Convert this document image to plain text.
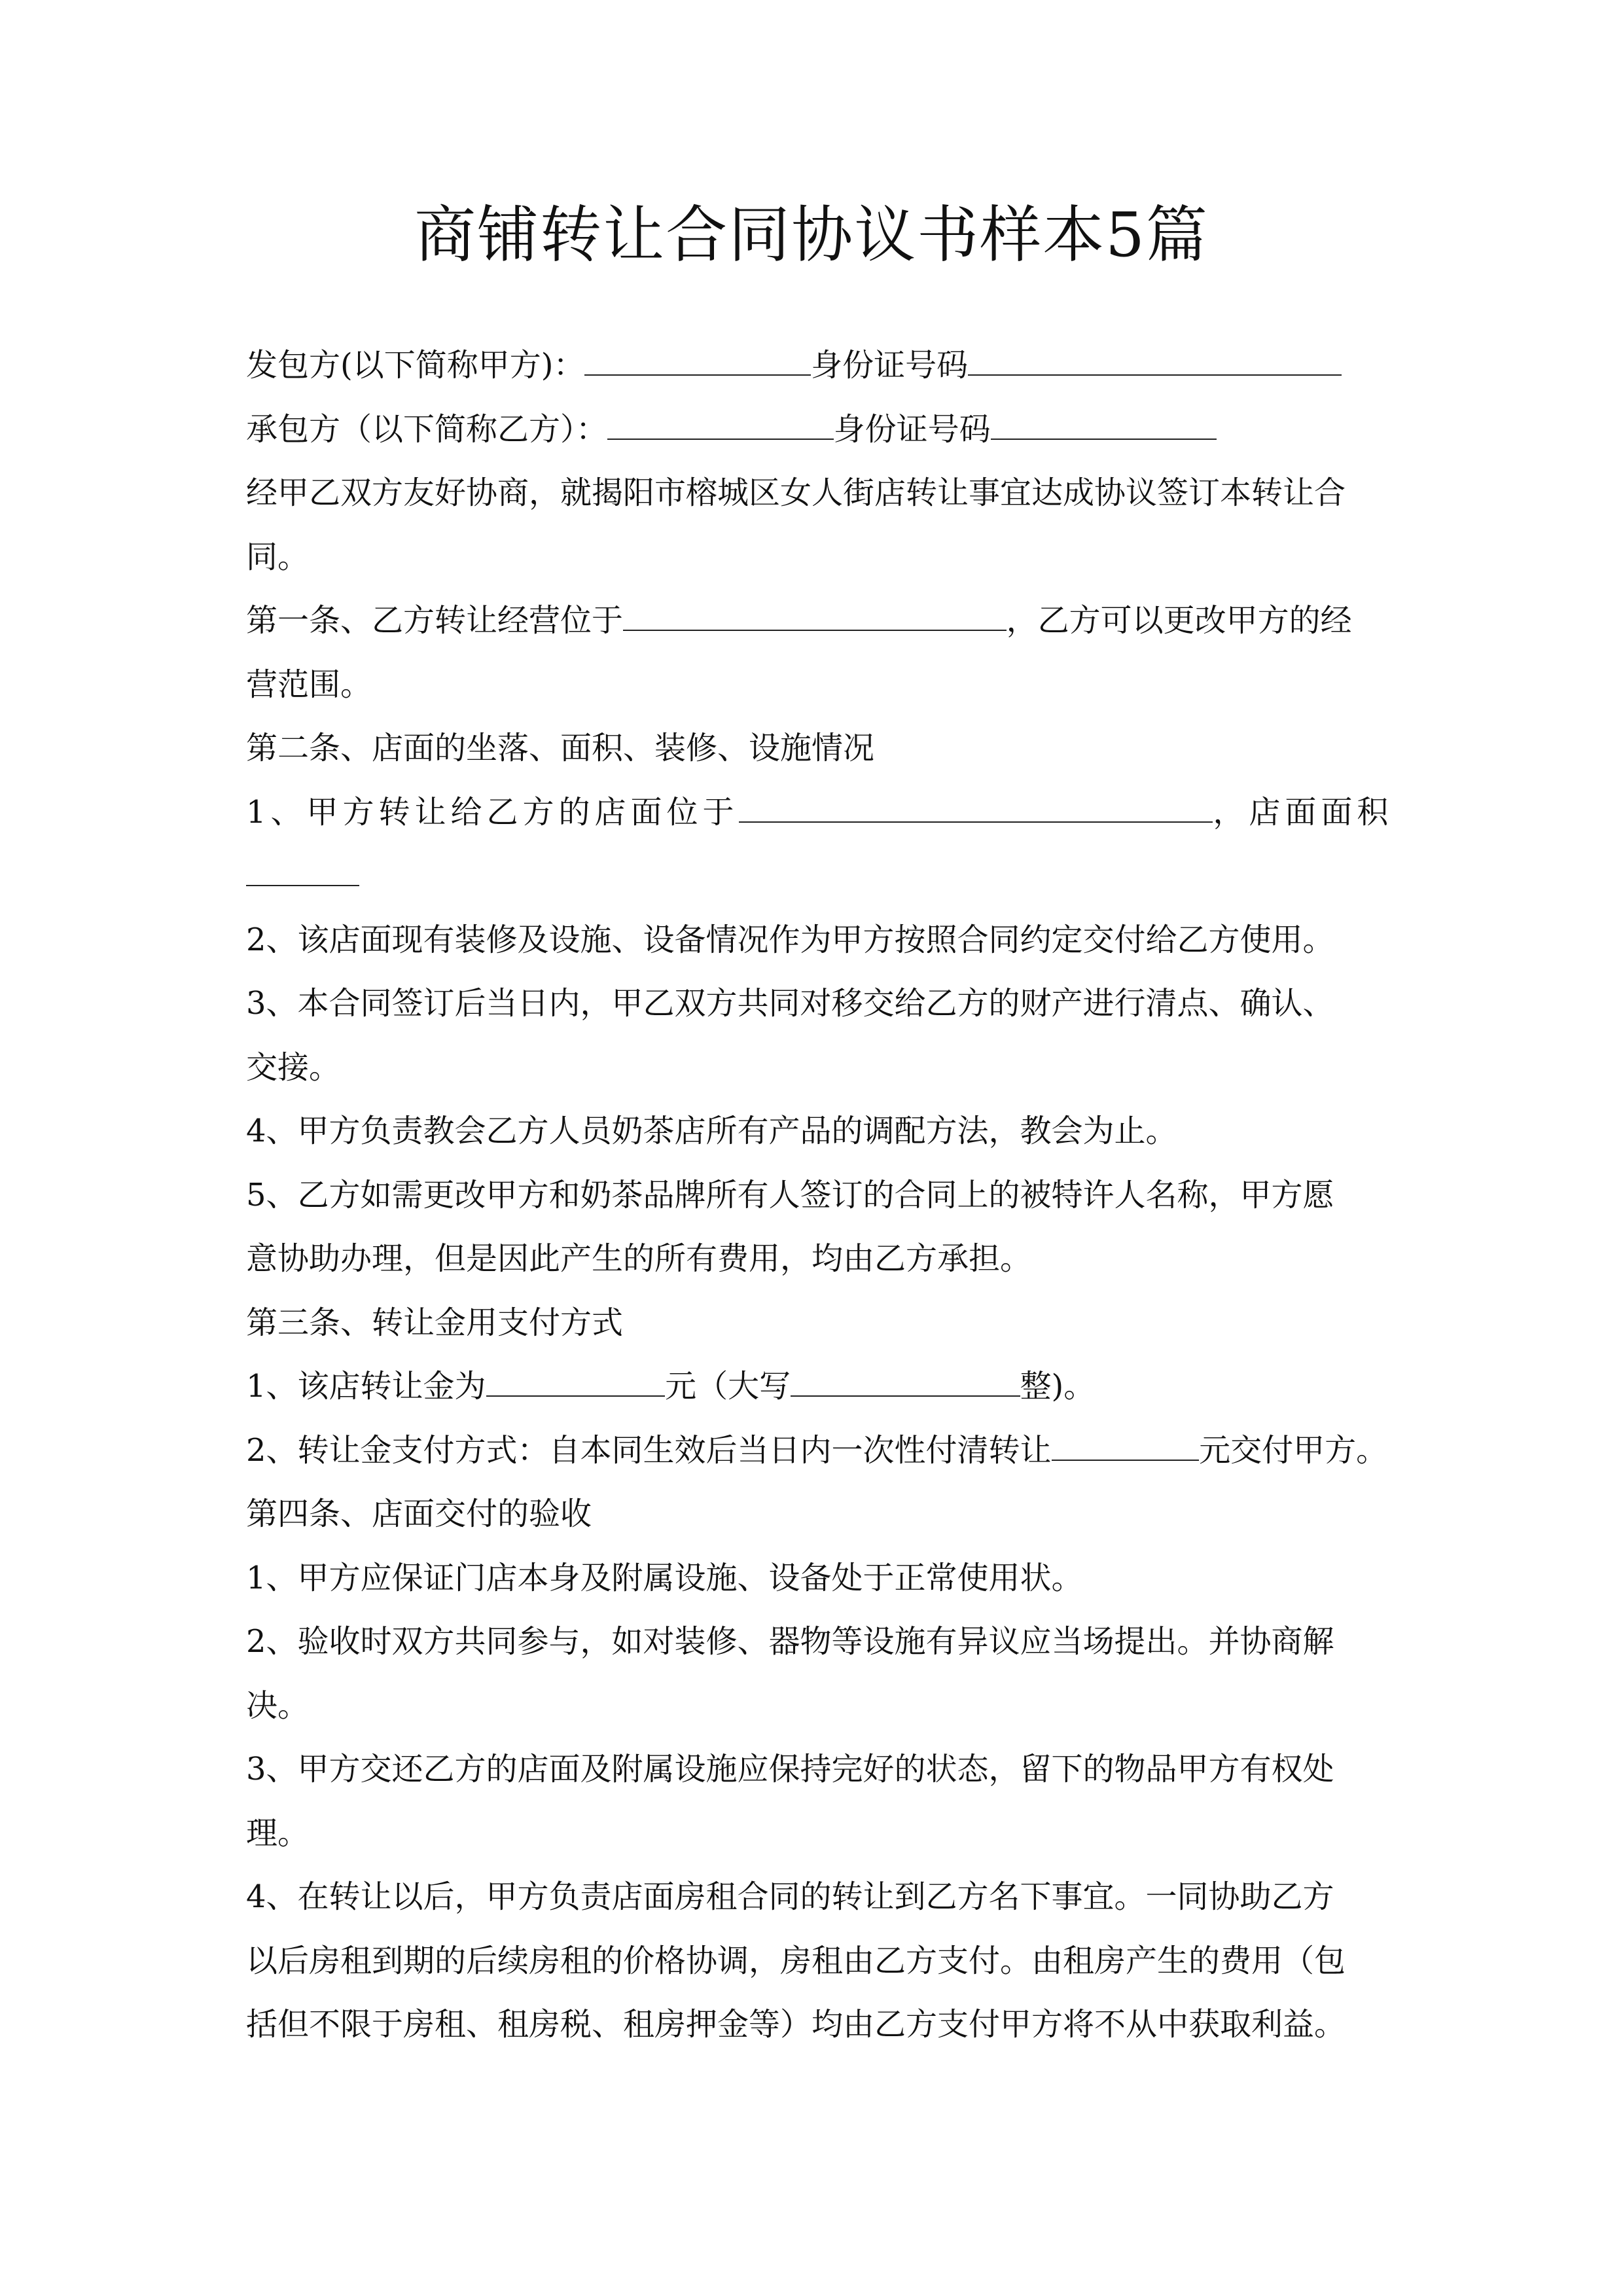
商铺转让合同协议书样本5篇
发包方(以下简称甲方)：	身份证号码
承包方（以下简称乙方）：	身份证号码
经甲乙双方友好协商，就揭阳市榕城区女人街店转让事宜达成协议签订本转让合
同。
第一条、乙方转让经营位于	，乙方可以更改甲方的经
营范围。
第二条、店面的坐落、面积、装修、设施情况
1、甲方转让给乙方的店面位于	，店面面积
2、该店面现有装修及设施、设备情况作为甲方按照合同约定交付给乙方使用。
3、本合同签订后当日内，甲乙双方共同对移交给乙方的财产进行清点、确认、
交接。
4、甲方负责教会乙方人员奶茶店所有产品的调配方法，教会为止。
5、乙方如需更改甲方和奶茶品牌所有人签订的合同上的被特许人名称，甲方愿
意协助办理，但是因此产生的所有费用，均由乙方承担。
第三条、转让金用支付方式
1、该店转让金为	元（大写	整)。
2、转让金支付方式：自本同生效后当日内一次性付清转让	元交付甲方。
第四条、店面交付的验收
1、甲方应保证门店本身及附属设施、设备处于正常使用状。
2、验收时双方共同参与，如对装修、器物等设施有异议应当场提出。并协商解
决。
3、甲方交还乙方的店面及附属设施应保持完好的状态，留下的物品甲方有权处
理。
4、在转让以后，甲方负责店面房租合同的转让到乙方名下事宜。一同协助乙方
以后房租到期的后续房租的价格协调，房租由乙方支付。由租房产生的费用（包
括但不限于房租、租房税、租房押金等）均由乙方支付甲方将不从中获取利益。
